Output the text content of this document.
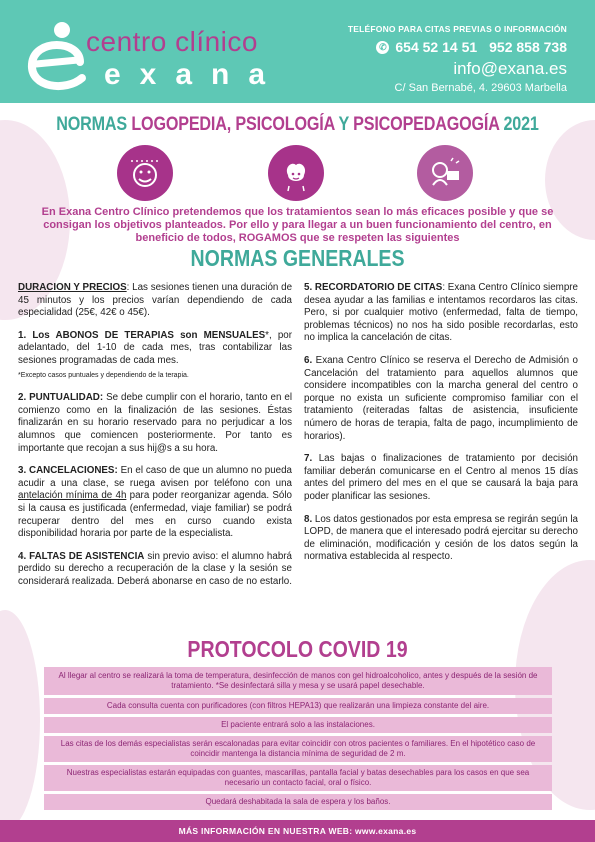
centro clínico
exana
TELÉFONO PARA CITAS PREVIAS O INFORMACIÓN
✆ 654 52 14 51 952 858 738
info@exana.es
C/ San Bernabé, 4. 29603 Marbella
NORMAS LOGOPEDIA, PSICOLOGÍA Y PSICOPEDAGOGÍA 2021
En Exana Centro Clínico pretendemos que los tratamientos sean lo más eficaces posible y que se consigan los objetivos planteados. Por ello y para llegar a un buen funcionamiento del centro, en beneficio de todos, ROGAMOS que se respeten las siguientes
NORMAS GENERALES

DURACION Y PRECIOS: Las sesiones tienen una duración de 45 minutos y los precios varían dependiendo de cada especialidad (25€, 42€ o 45€).

1. Los ABONOS DE TERAPIAS son MENSUALES*, por adelantado, del 1-10 de cada mes, tras contabilizar las sesiones programadas de cada mes.

*Excepto casos puntuales y dependiendo de la terapia.

2. PUNTUALIDAD: Se debe cumplir con el horario, tanto en el comienzo como en la finalización de las sesiones. Éstas finalizarán en su horario reservado para no perjudicar a los alumnos que comiencen posteriormente. Por tanto es importante que recojan a sus hij@s a su hora.

3. CANCELACIONES: En el caso de que un alumno no pueda acudir a una clase, se ruega avisen por teléfono con una antelación mínima de 4h para poder reorganizar agenda. Sólo si la causa es justificada (enfermedad, viaje familiar) se podrá recuperar dentro del mes en curso cuando exista disponibilidad horaria por parte de la especialista.

4. FALTAS DE ASISTENCIA sin previo aviso: el alumno habrá perdido su derecho a recuperación de la clase y la sesión se considerará realizada. Deberá abonarse en caso de no estarlo.

5. RECORDATORIO DE CITAS: Exana Centro Clínico siempre desea ayudar a las familias e intentamos recordaros las citas. Pero, si por cualquier motivo (enfermedad, falta de tiempo, problemas técnicos) no nos ha sido posible recordarlas, esto no implica la cancelación de citas.

6. Exana Centro Clínico se reserva el Derecho de Admisión o Cancelación del tratamiento para aquellos alumnos que considere incompatibles con la marcha general del centro o porque no exista un suficiente compromiso familiar con el tratamiento (reiteradas faltas de asistencia, insuficiente número de horas de terapia, falta de pago, incumplimiento de horarios).

7. Las bajas o finalizaciones de tratamiento por decisión familiar deberán comunicarse en el Centro al menos 15 días antes del primero del mes en el que se causará la baja para poder planificar las sesiones.

8. Los datos gestionados por esta empresa se regirán según la LOPD, de manera que el interesado podrá ejercitar su derecho de eliminación, modificación y cesión de los datos según la normativa establecida al respecto.

PROTOCOLO COVID 19
Al llegar al centro se realizará la toma de temperatura, desinfección de manos con gel hidroalcoholico, antes y después de la sesión de tratamiento. *Se desinfectará silla y mesa y se usará papel desechable.
Cada consulta cuenta con purificadores (con filtros HEPA13) que realizarán una limpieza constante del aire.
El paciente entrará solo a las instalaciones.
Las citas de los demás especialistas serán escalonadas para evitar coincidir con otros pacientes o familiares. En el hipotético caso de coincidir mantenga la distancia mínima de seguridad de 2 m.
Nuestras especialistas estarán equipadas con guantes, mascarillas, pantalla facial y batas desechables para los casos en que sea necesario un contacto facial, oral o físico.
Quedará deshabitada la sala de espera y los baños.
MÁS INFORMACIÓN EN NUESTRA WEB: www.exana.es
